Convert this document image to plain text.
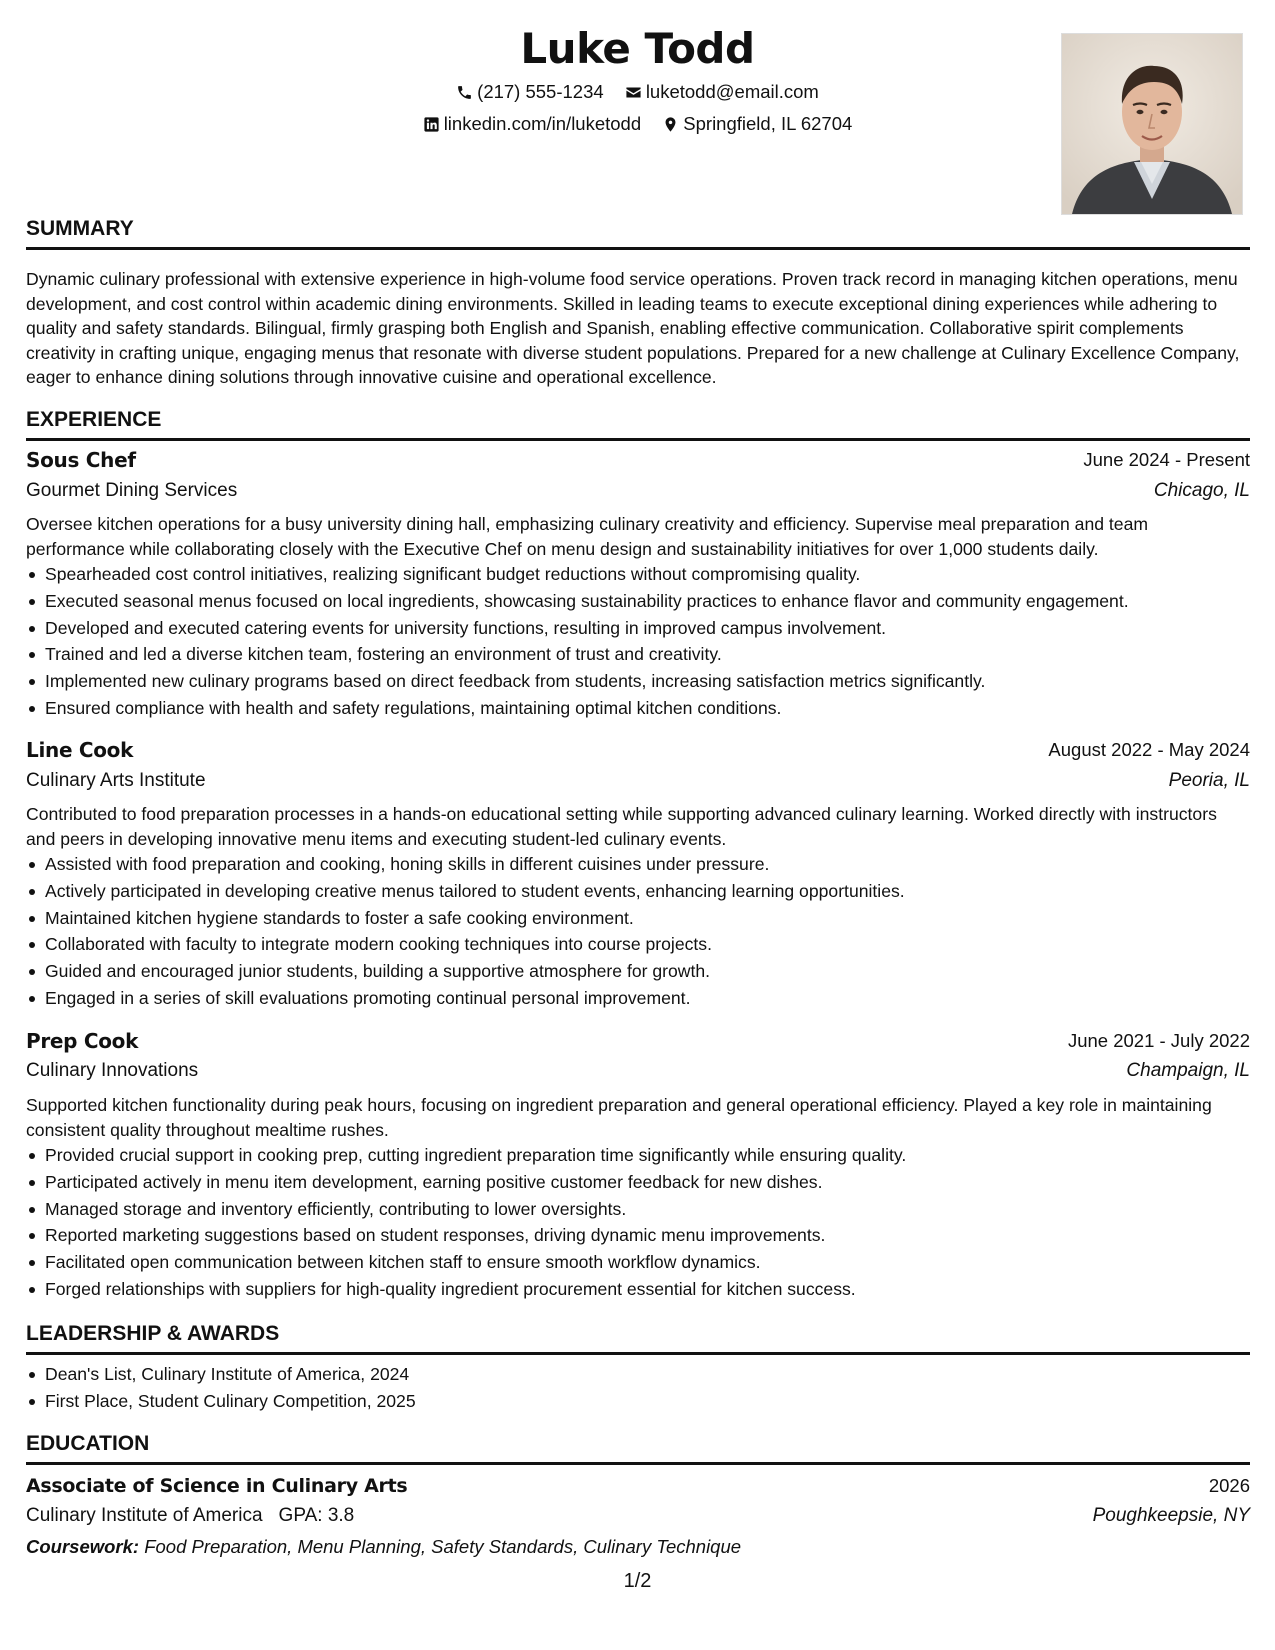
Luke Todd
(217) 555-1234
luketodd@email.com
linkedin.com/in/luketodd
Springfield, IL 62704
SUMMARY
Dynamic culinary professional with extensive experience in high-volume food service operations. Proven track record in managing kitchen operations, menu development, and cost control within academic dining environments. Skilled in leading teams to execute exceptional dining experiences while adhering to quality and safety standards. Bilingual, firmly grasping both English and Spanish, enabling effective communication. Collaborative spirit complements creativity in crafting unique, engaging menus that resonate with diverse student populations. Prepared for a new challenge at Culinary Excellence Company, eager to enhance dining solutions through innovative cuisine and operational excellence.
EXPERIENCE
Sous Chef	June 2024 - Present
Gourmet Dining Services	Chicago, IL
Oversee kitchen operations for a busy university dining hall, emphasizing culinary creativity and efficiency. Supervise meal preparation and team performance while collaborating closely with the Executive Chef on menu design and sustainability initiatives for over 1,000 students daily.
Spearheaded cost control initiatives, realizing significant budget reductions without compromising quality.
Executed seasonal menus focused on local ingredients, showcasing sustainability practices to enhance flavor and community engagement.
Developed and executed catering events for university functions, resulting in improved campus involvement.
Trained and led a diverse kitchen team, fostering an environment of trust and creativity.
Implemented new culinary programs based on direct feedback from students, increasing satisfaction metrics significantly.
Ensured compliance with health and safety regulations, maintaining optimal kitchen conditions.
Line Cook	August 2022 - May 2024
Culinary Arts Institute	Peoria, IL
Contributed to food preparation processes in a hands-on educational setting while supporting advanced culinary learning. Worked directly with instructors and peers in developing innovative menu items and executing student-led culinary events.
Assisted with food preparation and cooking, honing skills in different cuisines under pressure.
Actively participated in developing creative menus tailored to student events, enhancing learning opportunities.
Maintained kitchen hygiene standards to foster a safe cooking environment.
Collaborated with faculty to integrate modern cooking techniques into course projects.
Guided and encouraged junior students, building a supportive atmosphere for growth.
Engaged in a series of skill evaluations promoting continual personal improvement.
Prep Cook	June 2021 - July 2022
Culinary Innovations	Champaign, IL
Supported kitchen functionality during peak hours, focusing on ingredient preparation and general operational efficiency. Played a key role in maintaining consistent quality throughout mealtime rushes.
Provided crucial support in cooking prep, cutting ingredient preparation time significantly while ensuring quality.
Participated actively in menu item development, earning positive customer feedback for new dishes.
Managed storage and inventory efficiently, contributing to lower oversights.
Reported marketing suggestions based on student responses, driving dynamic menu improvements.
Facilitated open communication between kitchen staff to ensure smooth workflow dynamics.
Forged relationships with suppliers for high-quality ingredient procurement essential for kitchen success.
LEADERSHIP & AWARDS
Dean's List, Culinary Institute of America, 2024
First Place, Student Culinary Competition, 2025
EDUCATION
Associate of Science in Culinary Arts	2026
Culinary Institute of America GPA: 3.8	Poughkeepsie, NY
Coursework: Food Preparation, Menu Planning, Safety Standards, Culinary Technique
1/2
